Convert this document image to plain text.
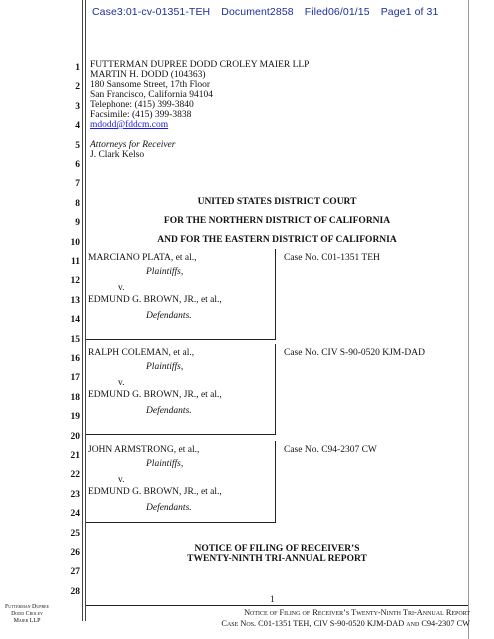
Case3:01-cv-01351-TEH Document2858 Filed06/01/15 Page1 of 31
1
2
3
4
5
6
7
8
9
10
11
12
13
14
15
16
17
18
19
20
21
22
23
24
25
26
27
28
FUTTERMAN DUPREE DODD CROLEY MAIER LLP
MARTIN H. DODD (104363)
180 Sansome Street, 17th Floor
San Francisco, California 94104
Telephone: (415) 399-3840
Facsimile: (415) 399-3838
mdodd@fddcm.com
Attorneys for Receiver
J. Clark Kelso
UNITED STATES DISTRICT COURT
FOR THE NORTHERN DISTRICT OF CALIFORNIA
AND FOR THE EASTERN DISTRICT OF CALIFORNIA
MARCIANO PLATA, et al.,
Plaintiffs,
v.
EDMUND G. BROWN, JR., et al.,
Defendants.
Case No. C01-1351 TEH
RALPH COLEMAN, et al.,
Plaintiffs,
v.
EDMUND G. BROWN, JR., et al.,
Defendants.
Case No. CIV S-90-0520 KJM-DAD
JOHN ARMSTRONG, et al.,
Plaintiffs,
v.
EDMUND G. BROWN, JR., et al.,
Defendants.
Case No. C94-2307 CW
NOTICE OF FILING OF RECEIVER’S
TWENTY-NINTH TRI-ANNUAL REPORT
1
Futterman Dupree
Dodd Croley
Maier LLP
Notice of Filing of Receiver’s Twenty-Ninth Tri-Annual Report
Case Nos. C01-1351 TEH, CIV S-90-0520 KJM-DAD and C94-2307 CW
